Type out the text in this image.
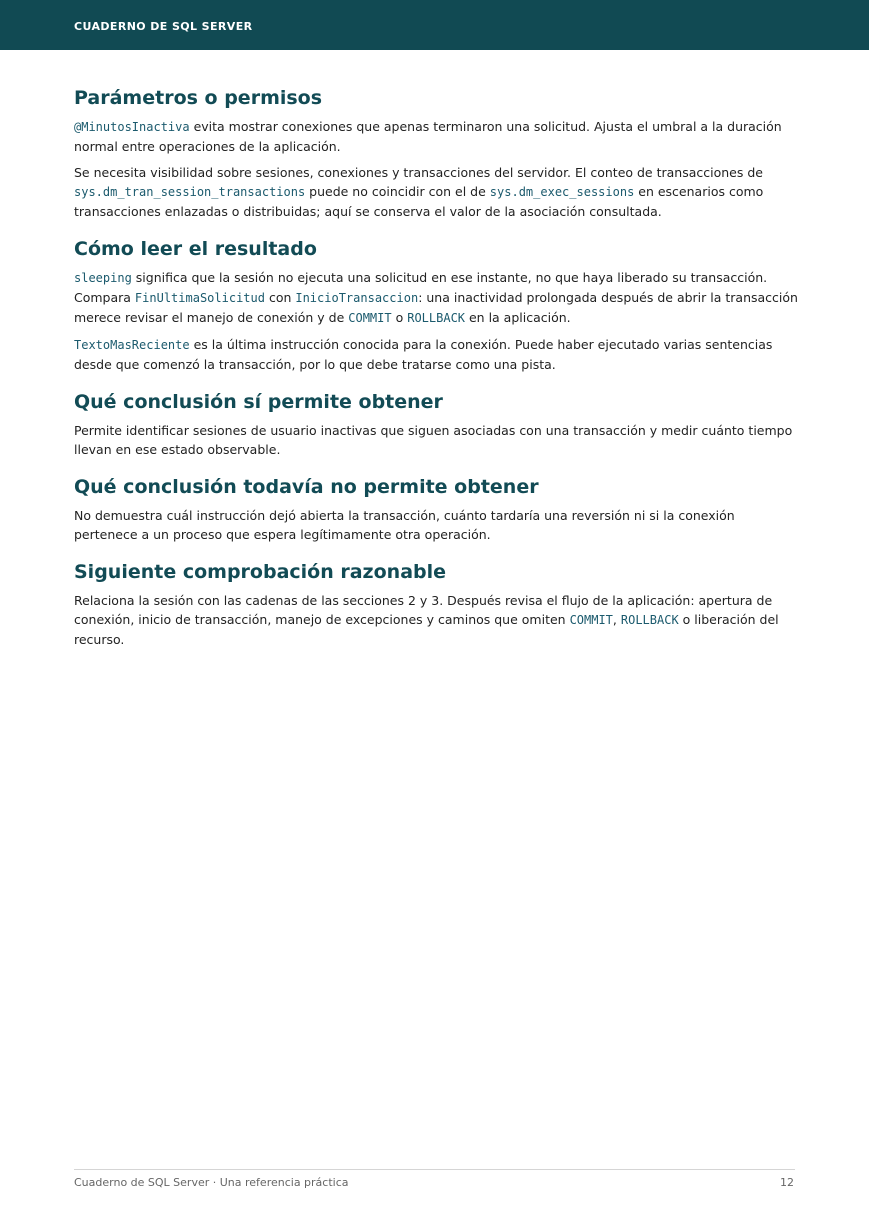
CUADERNO DE SQL SERVER
Parámetros o permisos

@MinutosInactiva evita mostrar conexiones que apenas terminaron una solicitud. Ajusta el umbral a la duración normal entre operaciones de la aplicación.

Se necesita visibilidad sobre sesiones, conexiones y transacciones del servidor. El conteo de transacciones de sys.dm_tran_session_transactions puede no coincidir con el de sys.dm_exec_sessions en escenarios como transacciones enlazadas o distribuidas; aquí se conserva el valor de la asociación consultada.

Cómo leer el resultado

sleeping significa que la sesión no ejecuta una solicitud en ese instante, no que haya liberado su transacción. Compara FinUltimaSolicitud con InicioTransaccion: una inactividad prolongada después de abrir la transacción merece revisar el manejo de conexión y de COMMIT o ROLLBACK en la aplicación.

TextoMasReciente es la última instrucción conocida para la conexión. Puede haber ejecutado varias sentencias desde que comenzó la transacción, por lo que debe tratarse como una pista.

Qué conclusión sí permite obtener

Permite identificar sesiones de usuario inactivas que siguen asociadas con una transacción y medir cuánto tiempo llevan en ese estado observable.

Qué conclusión todavía no permite obtener

No demuestra cuál instrucción dejó abierta la transacción, cuánto tardaría una reversión ni si la conexión pertenece a un proceso que espera legítimamente otra operación.

Siguiente comprobación razonable

Relaciona la sesión con las cadenas de las secciones 2 y 3. Después revisa el flujo de la aplicación: apertura de conexión, inicio de transacción, manejo de excepciones y caminos que omiten COMMIT, ROLLBACK o liberación del recurso.

Cuaderno de SQL Server · Una referencia práctica	12
